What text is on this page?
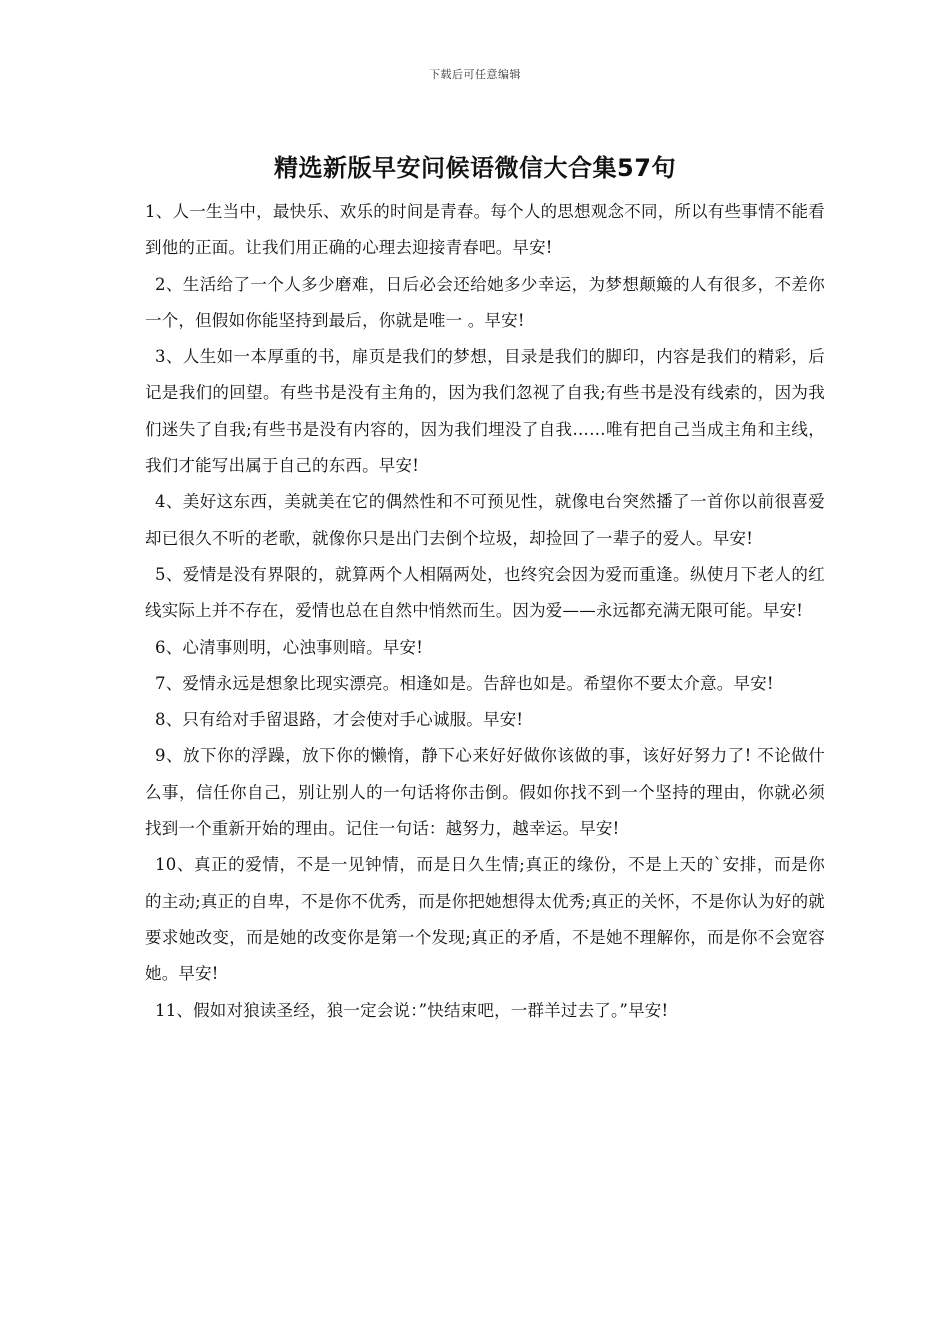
下载后可任意编辑
精选新版早安问候语微信大合集57句

1、人一生当中，最快乐、欢乐的时间是青春。每个人的思想观念不同，所以有些事情不能看到他的正面。让我们用正确的心理去迎接青春吧。早安!

2、生活给了一个人多少磨难，日后必会还给她多少幸运，为梦想颠簸的人有很多，不差你一个，但假如你能坚持到最后，你就是唯一 。早安!

3、人生如一本厚重的书，扉页是我们的梦想，目录是我们的脚印，内容是我们的精彩，后记是我们的回望。有些书是没有主角的，因为我们忽视了自我;有些书是没有线索的，因为我们迷失了自我;有些书是没有内容的，因为我们埋没了自我……唯有把自己当成主角和主线，我们才能写出属于自己的东西。早安!

4、美好这东西，美就美在它的偶然性和不可预见性，就像电台突然播了一首你以前很喜爱却已很久不听的老歌，就像你只是出门去倒个垃圾，却捡回了一辈子的爱人。早安!

5、爱情是没有界限的，就算两个人相隔两处，也终究会因为爱而重逢。纵使月下老人的红线实际上并不存在，爱情也总在自然中悄然而生。因为爱——永远都充满无限可能。早安!

6、心清事则明，心浊事则暗。早安!

7、爱情永远是想象比现实漂亮。相逢如是。告辞也如是。希望你不要太介意。早安!

8、只有给对手留退路，才会使对手心诚服。早安!

9、放下你的浮躁，放下你的懒惰，静下心来好好做你该做的事，该好好努力了! 不论做什么事，信任你自己，别让别人的一句话将你击倒。假如你找不到一个坚持的理由，你就必须找到一个重新开始的理由。记住一句话：越努力，越幸运。早安!

10、真正的爱情，不是一见钟情，而是日久生情;真正的缘份，不是上天的`安排，而是你的主动;真正的自卑，不是你不优秀，而是你把她想得太优秀;真正的关怀，不是你认为好的就要求她改变，而是她的改变你是第一个发现;真正的矛盾，不是她不理解你，而是你不会宽容她。早安!

11、假如对狼读圣经，狼一定会说：”快结束吧，一群羊过去了。”早安!
